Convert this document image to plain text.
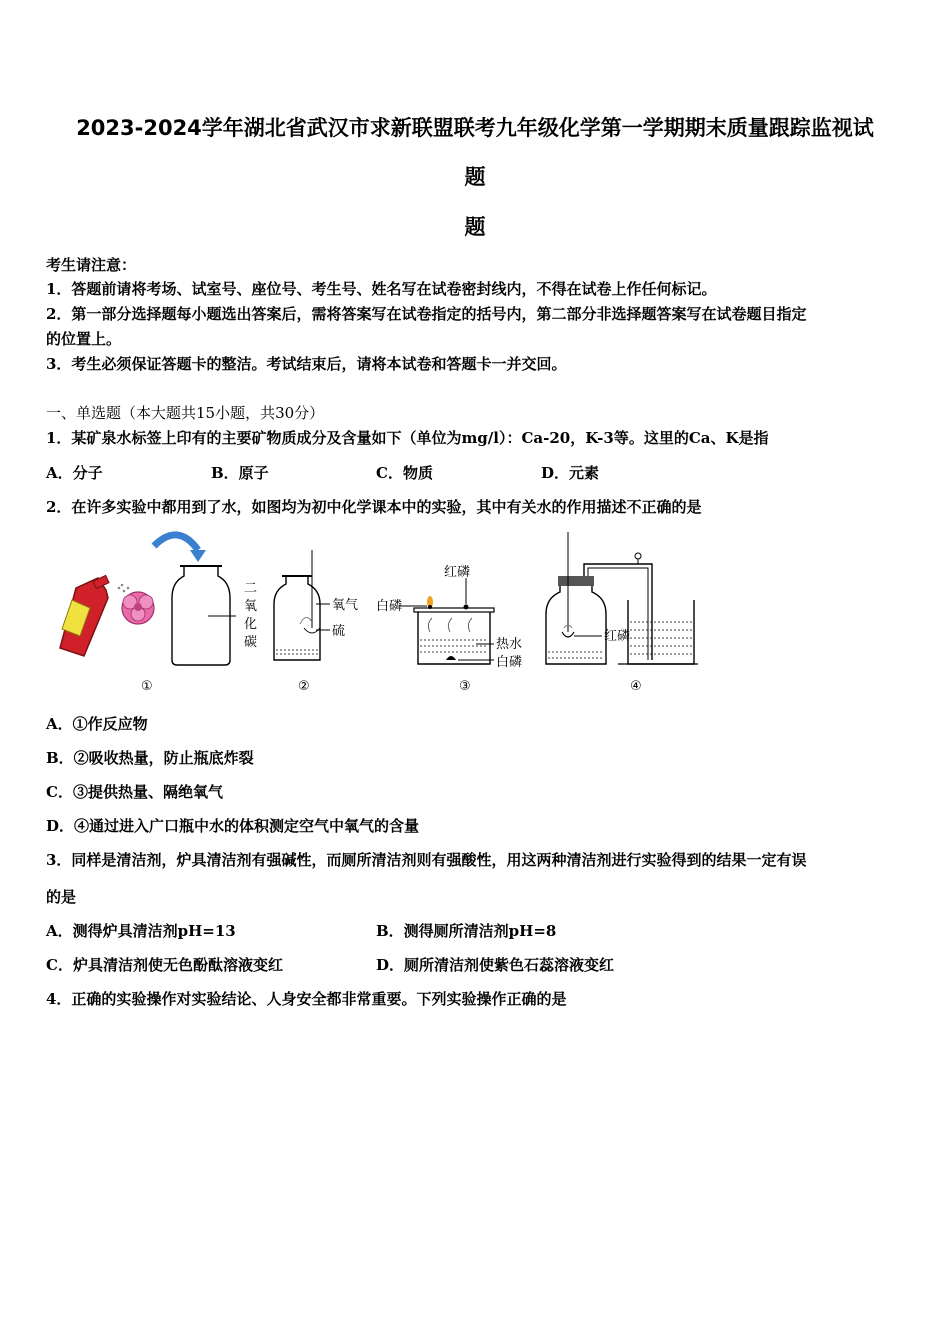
2023-2024学年湖北省武汉市求新联盟联考九年级化学第一学期期末质量跟踪监视试
题
题
考生请注意：
1．答题前请将考场、试室号、座位号、考生号、姓名写在试卷密封线内，不得在试卷上作任何标记。
2．第一部分选择题每小题选出答案后，需将答案写在试卷指定的括号内，第二部分非选择题答案写在试卷题目指定
的位置上。
3．考生必须保证答题卡的整洁。考试结束后，请将本试卷和答题卡一并交回。
一、单选题（本大题共15小题，共30分）
1．某矿泉水标签上印有的主要矿物质成分及含量如下（单位为mg/l）：Ca-20，K-3等。这里的Ca、K是指
A．分子	B．原子	C．物质	D．元素
2．在许多实验中都用到了水，如图均为初中化学课本中的实验，其中有关水的作用描述不正确的是
二
氧
化
碳
①
氧气
硫
②
红磷
白磷
热水
白磷
③
红磷
④
A．①作反应物
B．②吸收热量，防止瓶底炸裂
C．③提供热量、隔绝氧气
D．④通过进入广口瓶中水的体积测定空气中氧气的含量
3．同样是清洁剂，炉具清洁剂有强碱性，而厕所清洁剂则有强酸性，用这两种清洁剂进行实验得到的结果一定有误
的是
A．测得炉具清洁剂pH=13	B．测得厕所清洁剂pH=8
C．炉具清洁剂使无色酚酞溶液变红	D．厕所清洁剂使紫色石蕊溶液变红
4．正确的实验操作对实验结论、人身安全都非常重要。下列实验操作正确的是
